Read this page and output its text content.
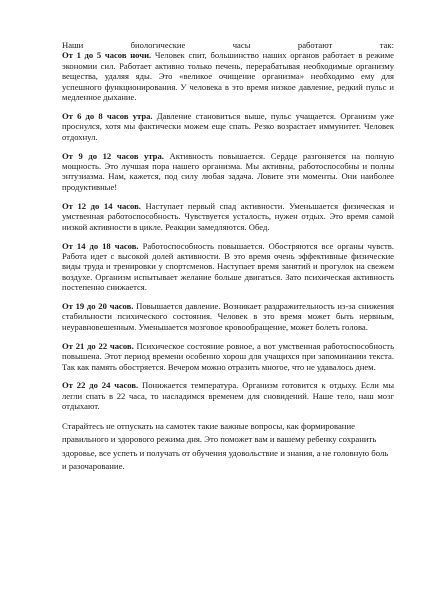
Наши биологические часы работают так:

От 1 до 5 часов ночи. Человек спит, большинство наших органов работает в режиме экономии сил. Работает активно только печень, перерабатывая необходимые организму вещества, удаляя яды. Это «великое очищение организма» необходимо ему для успешного функционирования. У человека в это время низкое давление, редкий пульс и медленное дыхание.

От 6 до 8 часов утра. Давление становиться выше, пульс учащается. Организм уже проснулся, хотя мы фактически можем еще спать. Резко возрастает иммунитет. Человек отдохнул.

От 9 до 12 часов утра. Активность повышается. Сердце разгоняется на полную мощность. Это лучшая пора нашего организма. Мы активны, работоспособны и полны энтузиазма. Нам, кажется, под силу любая задача. Ловите эти моменты. Они наиболее продуктивные!

От 12 до 14 часов. Наступает первый спад активности. Уменьшается физическая и умственная работоспособность. Чувствуется усталость, нужен отдых. Это время самой низкой активности в цикле. Реакции замедляются. Обед.

От 14 до 18 часов. Работоспособность повышается. Обостряются все органы чувств. Работа идет с высокой долей активности. В это время очень эффективные физические виды труда и тренировки у спортсменов. Наступает время занятий и прогулок на свежем воздухе. Организм испытывает желание больше двигаться. Зато психическая активность постепенно снижается.

От 19 до 20 часов. Повышается давление. Возникает раздражительность из-за снижения стабильности психического состояния. Человек в это время может быть нервным, неуравновешенным. Уменьшается мозговое кровообращение, может болеть голова.

От 21 до 22 часов. Психическое состояние ровное, а вот умственная работоспособность повышена. Этот период времени особенно хорош для учащихся при запоминании текста. Так как память обостряется. Вечером можно отразить многое, что не удавалось днем.

От 22 до 24 часов. Понижается температура. Организм готовится к отдыху. Если мы легли спать в 22 часа, то насладимся временем для сновидений. Наше тело, наш мозг отдыхают.

Старайтесь не отпускать на самотек такие важные вопросы, как формирование правильного и здорового режима дня. Это поможет вам и вашему ребенку сохранить здоровье, все успеть и получать от обучения удовольствие и знания, а не головную боль и разочарование.
